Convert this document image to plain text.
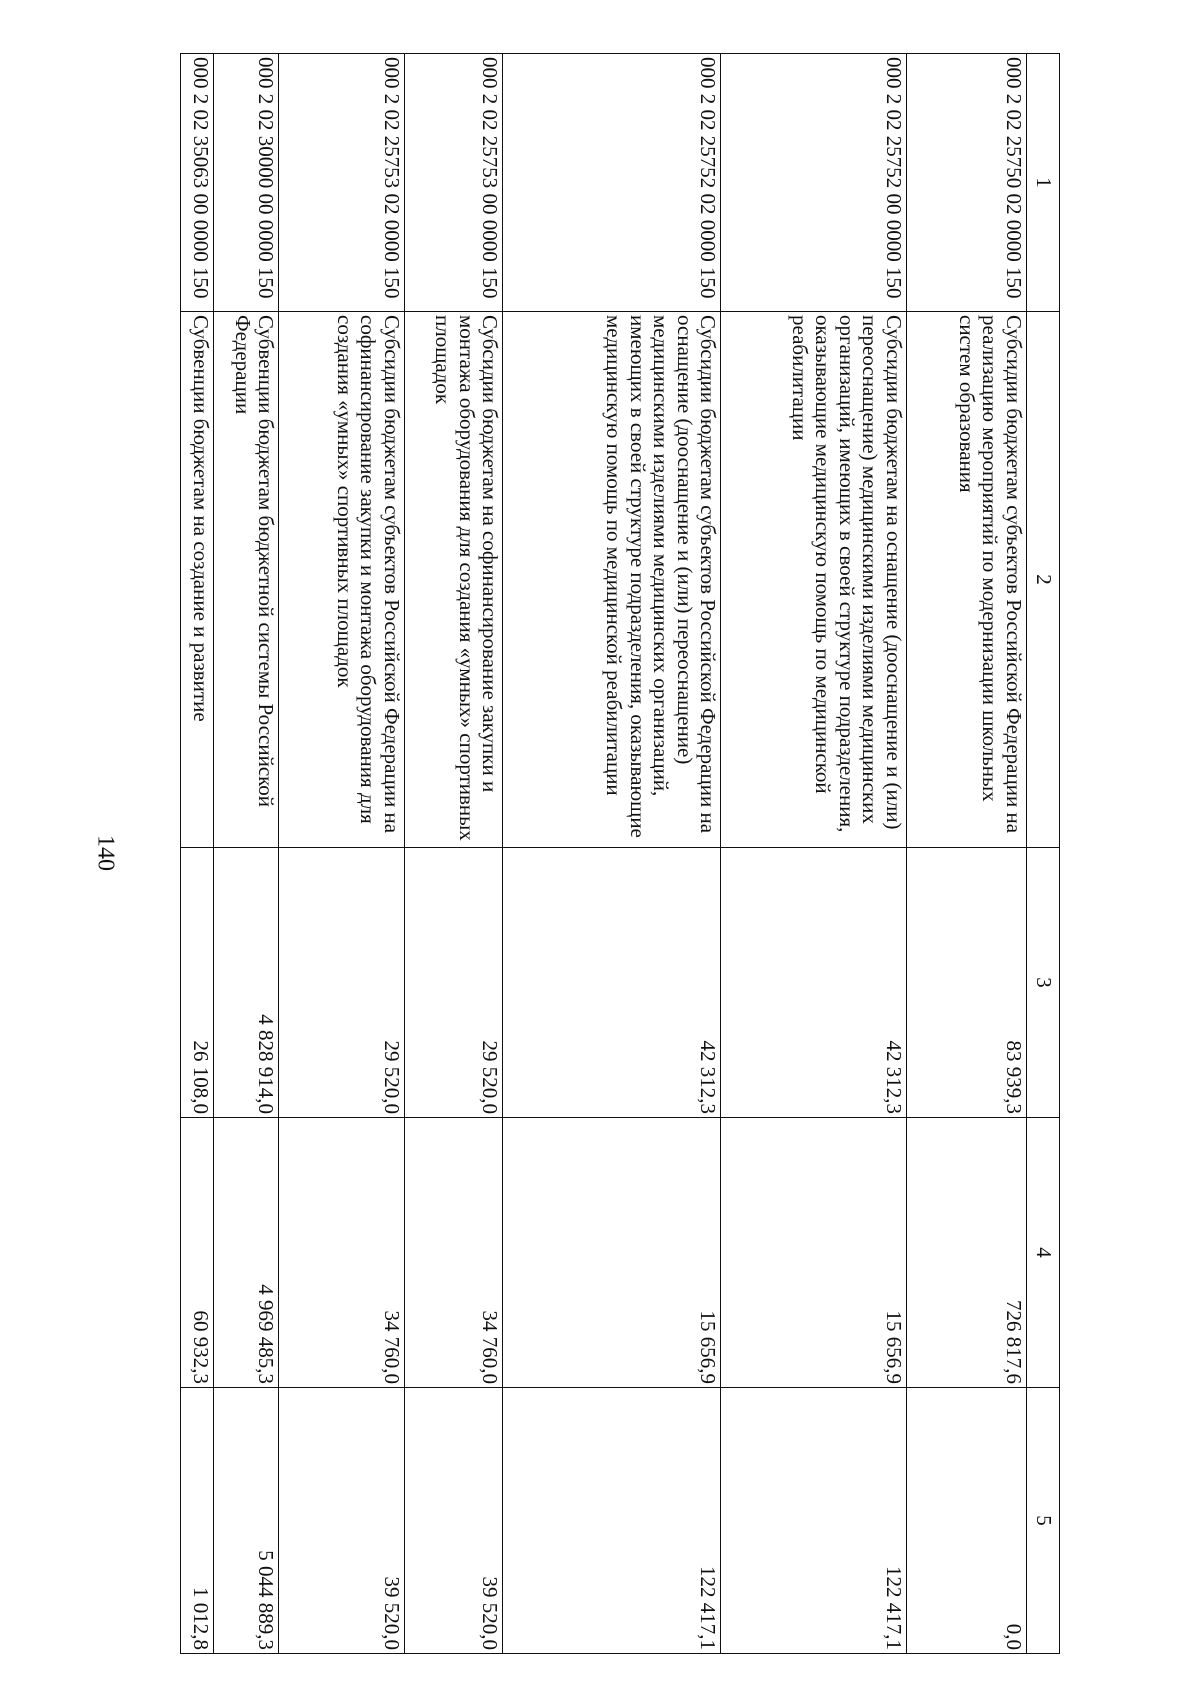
140
1	2	3	4	5
000 2 02 25750 02 0000 150	Субсидии бюджетам субъектов Российской Федерации на реализацию мероприятий по модернизации школьных систем образования	83 939,3	726 817,6	0,0
000 2 02 25752 00 0000 150	Субсидии бюджетам на оснащение (дооснащение и (или) переоснащение) медицинскими изделиями медицинских организаций, имеющих в своей структуре подразделения, оказывающие медицинскую помощь по медицинской реабилитации	42 312,3	15 656,9	122 417,1
000 2 02 25752 02 0000 150	Субсидии бюджетам субъектов Российской Федерации на оснащение (дооснащение и (или) переоснащение) медицинскими изделиями медицинских организаций, имеющих в своей структуре подразделения, оказывающие медицинскую помощь по медицинской реабилитации	42 312,3	15 656,9	122 417,1
000 2 02 25753 00 0000 150	Субсидии бюджетам на софинансирование закупки и монтажа оборудования для создания «умных» спортивных площадок	29 520,0	34 760,0	39 520,0
000 2 02 25753 02 0000 150	Субсидии бюджетам субъектов Российской Федерации на софинансирование закупки и монтажа оборудования для создания «умных» спортивных площадок	29 520,0	34 760,0	39 520,0
000 2 02 30000 00 0000 150	Субвенции бюджетам бюджетной системы Российской Федерации	4 828 914,0	4 969 485,3	5 044 889,3
000 2 02 35063 00 0000 150	Субвенции бюджетам на создание и развитие	26 108,0	60 932,3	1 012,8
